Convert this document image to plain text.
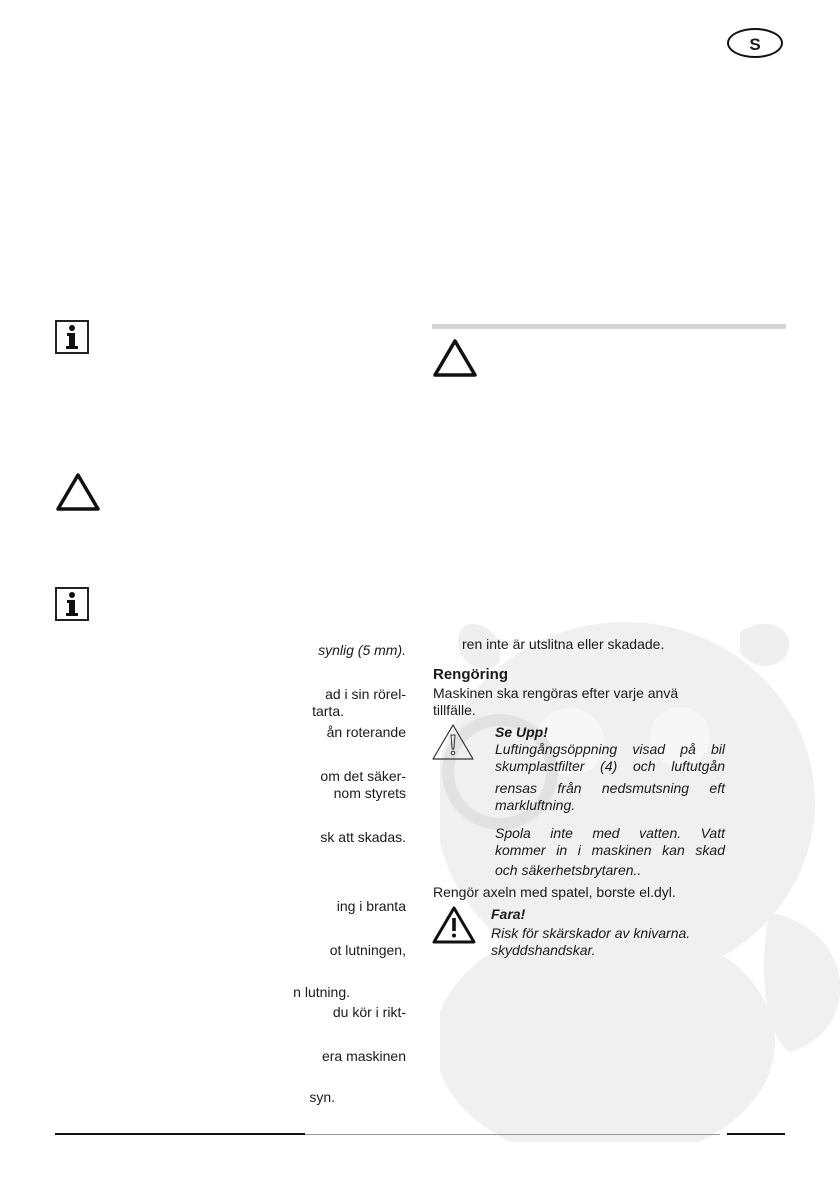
S
synlig (5 mm).
ad i sin rörel-
tarta.
ån roterande
om det säker-
nom styrets
sk att skadas.
ing i branta
ot lutningen,
n lutning.
du kör i rikt-
era maskinen
syn.
ren inte är utslitna eller skadade.
Rengöring
Maskinen ska rengöras efter varje anvä
tillfälle.
Se Upp!
Luftingångsöppning visad på bil
skumplastfilter (4) och luftutgån
rensas från nedsmutsning eft
markluftning.
Spola inte med vatten. Vatt
kommer in i maskinen kan skad
och säkerhetsbrytaren..
Rengör axeln med spatel, borste el.dyl.
Fara!
Risk för skärskador av knivarna.
skyddshandskar.
